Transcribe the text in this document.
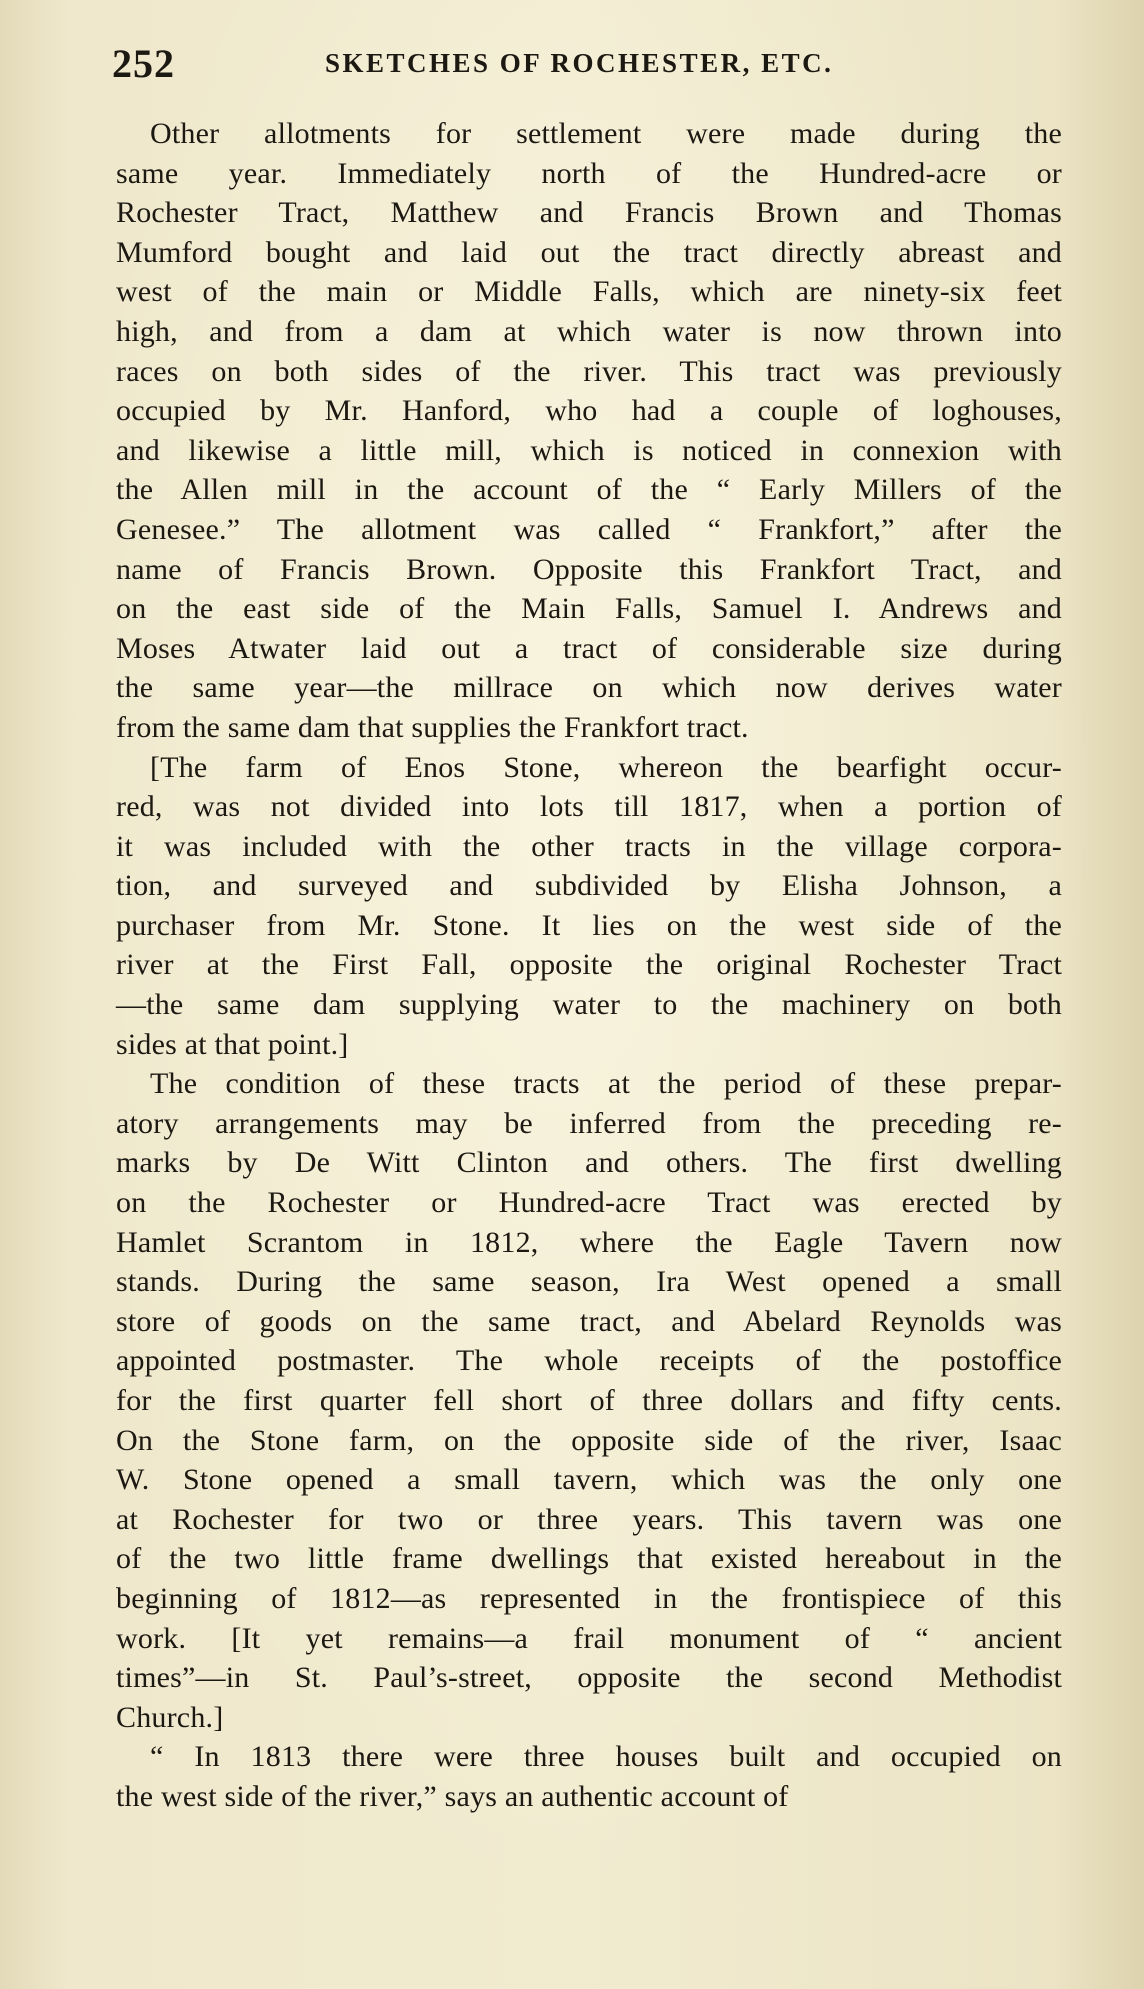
252	SKETCHES OF ROCHESTER, ETC.
Other allotments for settlement were made during the
same year. Immediately north of the Hundred-acre or
Rochester Tract, Matthew and Francis Brown and Thomas
Mumford bought and laid out the tract directly abreast and
west of the main or Middle Falls, which are ninety-six feet
high, and from a dam at which water is now thrown into
races on both sides of the river. This tract was previously
occupied by Mr. Hanford, who had a couple of loghouses,
and likewise a little mill, which is noticed in connexion with
the Allen mill in the account of the “ Early Millers of the
Genesee.” The allotment was called “ Frankfort,” after the
name of Francis Brown. Opposite this Frankfort Tract, and
on the east side of the Main Falls, Samuel I. Andrews and
Moses Atwater laid out a tract of considerable size during
the same year—the millrace on which now derives water
from the same dam that supplies the Frankfort tract.
[The farm of Enos Stone, whereon the bearfight occur-
red, was not divided into lots till 1817, when a portion of
it was included with the other tracts in the village corpora-
tion, and surveyed and subdivided by Elisha Johnson, a
purchaser from Mr. Stone. It lies on the west side of the
river at the First Fall, opposite the original Rochester Tract
—the same dam supplying water to the machinery on both
sides at that point.]
The condition of these tracts at the period of these prepar-
atory arrangements may be inferred from the preceding re-
marks by De Witt Clinton and others. The first dwelling
on the Rochester or Hundred-acre Tract was erected by
Hamlet Scrantom in 1812, where the Eagle Tavern now
stands. During the same season, Ira West opened a small
store of goods on the same tract, and Abelard Reynolds was
appointed postmaster. The whole receipts of the postoffice
for the first quarter fell short of three dollars and fifty cents.
On the Stone farm, on the opposite side of the river, Isaac
W. Stone opened a small tavern, which was the only one
at Rochester for two or three years. This tavern was one
of the two little frame dwellings that existed hereabout in the
beginning of 1812—as represented in the frontispiece of this
work. [It yet remains—a frail monument of “ ancient
times”—in St. Paul’s-street, opposite the second Methodist
Church.]
“ In 1813 there were three houses built and occupied on
the west side of the river,” says an authentic account of
